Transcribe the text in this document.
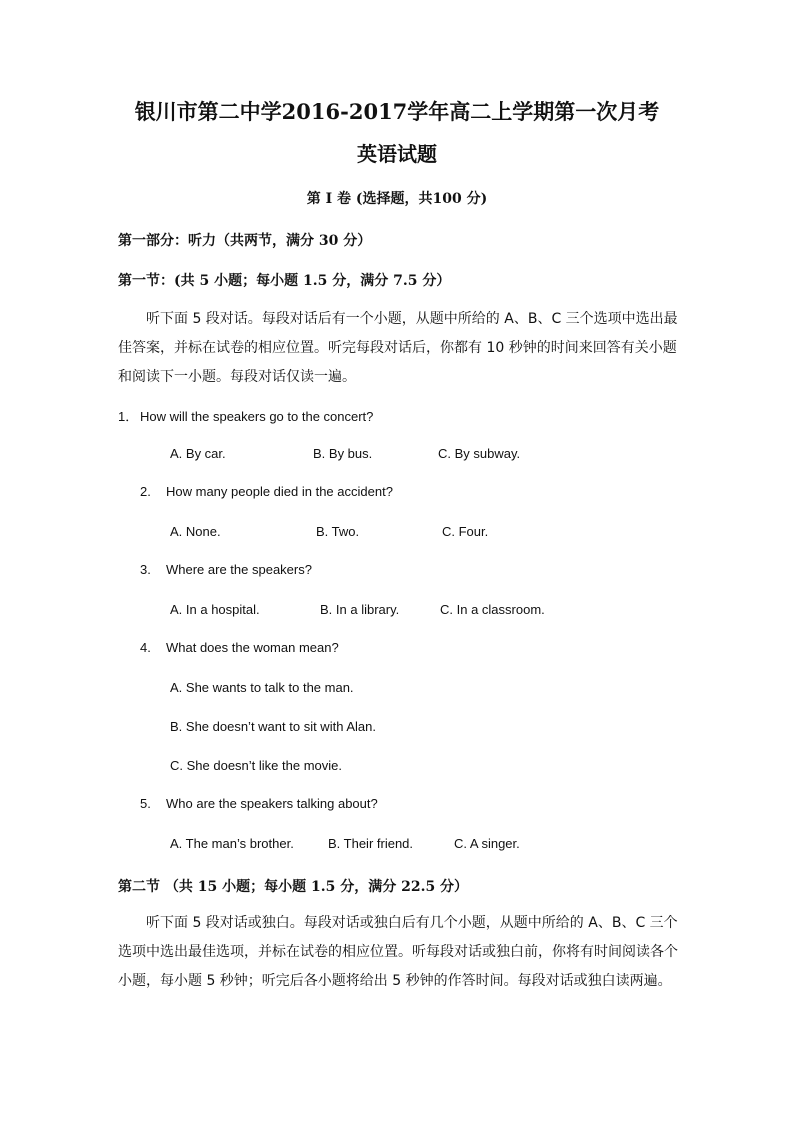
银川市第二中学2016-2017学年高二上学期第一次月考
英语试题
第 I 卷 (选择题，共100 分)
第一部分：听力（共两节，满分 30 分）
第一节：(共 5 小题；每小题 1.5 分，满分 7.5 分）
听下面 5 段对话。每段对话后有一个小题，从题中所给的 A、B、C 三个选项中选出最
佳答案，并标在试卷的相应位置。听完每段对话后，你都有 10 秒钟的时间来回答有关小题
和阅读下一小题。每段对话仅读一遍。
1． How will the speakers go to the concert?
A. By car.	B. By bus.	C. By subway.
2. How many people died in the accident?
A. None.	B. Two.	C. Four.
3. Where are the speakers?
A. In a hospital.	B. In a library.	C. In a classroom.
4. What does the woman mean?
A. She wants to talk to the man.
B. She doesn’t want to sit with Alan.
C. She doesn’t like the movie.
5. Who are the speakers talking about?
A. The man’s brother.	B. Their friend.	C. A singer.
第二节 （共 15 小题；每小题 1.5 分，满分 22.5 分）
听下面 5 段对话或独白。每段对话或独白后有几个小题，从题中所给的 A、B、C 三个
选项中选出最佳选项，并标在试卷的相应位置。听每段对话或独白前，你将有时间阅读各个
小题，每小题 5 秒钟；听完后各小题将给出 5 秒钟的作答时间。每段对话或独白读两遍。
